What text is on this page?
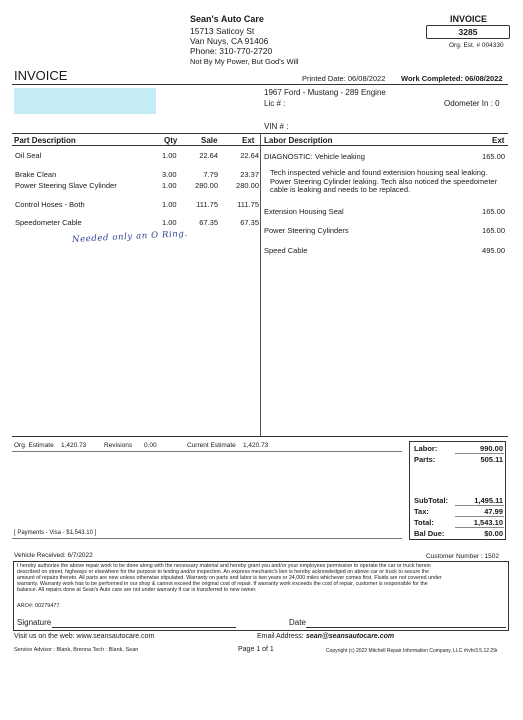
Sean's Auto Care
15713 Saticoy St
Van Nuys, CA 91406
Phone: 310-770-2720
Not By My Power, But God's Will
INVOICE
3285
Org. Est. # 004330
INVOICE	Printed Date: 06/08/2022 Work Completed: 06/08/2022
1967 Ford - Mustang - 289 Engine
Lic # :	Odometer In : 0
VIN # :
Part Description	Qty	Sale	Ext
Oil Seal	1.00	22.64	22.64
Brake Clean	3.00	7.79	23.37
Power Steering Slave Cylinder	1.00	280.00	280.00
Control Hoses - Both	1.00	111.75	111.75
Speedometer Cable	1.00	67.35	67.35
Needed only an O Ring.
Labor Description	Ext
DIAGNOSTIC: Vehicle leaking	165.00
Tech inspected vehicle and found extension housing seal leaking.
Power Steering Cylinder leaking. Tech also noticed the speedometer
cable is leaking and needs to be replaced.
Extension Housing Seal	165.00
Power Steering Cylinders	165.00
Speed Cable	495.00
Org. Estimate 1,420.73	Revisions 0.00	Current Estimate 1,420.73	Labor:	990.00
Parts:	505.11
SubTotal:	1,495.11
Tax:	47.99
Total:	1,543.10
Bal Due:	$0.00
[ Payments - Visa - $1,543.10 ]
Vehicle Received: 6/7/2022	Customer Number : 1502
I hereby authorize the above repair work to be done along with the necessary material and hereby grant you and/or your employees permission to operate the car or truck herein
described on street, highways or elsewhere for the purpose to testing and/or inspection. An express mechanic's lien is hereby acknowledged on above car or truck to secure the
amount of repairs thereto. All parts are new unless otherwise stipulated. Warranty on parts and labor is two years or 24,000 miles whichever comes first. Fluids are not covered under
warranty. Warranty work has to be performed in our shop & cannot exceed the original cost of repair. If warranty work exceeds the cost of repair, customer is responsible for the
balance. All repairs done at Sean's Auto care are not under warranty if car is transferred to new owner.
ARO#: 00279477
Signature	Date
Visit us on the web: www.seansautocare.com	Email Address: sean@seansautocare.com
Service Advisor : Blank, Brenna Tech : Blank, Sean	Page 1 of 1	Copyright (c) 2022 Mitchell Repair Information Company, LLC rhvhr3.5.12.29r
